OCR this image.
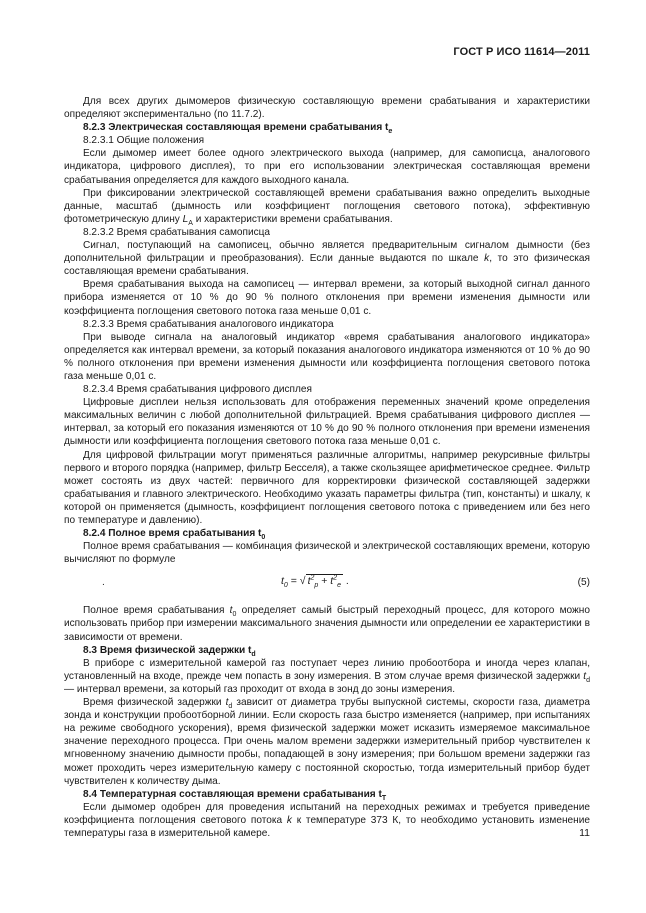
ГОСТ Р ИСО 11614—2011

Для всех других дымомеров физическую составляющую времени срабатывания и характеристики определяют экспериментально (по 11.7.2).

8.2.3 Электрическая составляющая времени срабатывания $t_e$

8.2.3.1 Общие положения

Если дымомер имеет более одного электрического выхода (например, для самописца, аналогового индикатора, цифрового дисплея), то при его использовании электрическая составляющая времени срабатывания определяется для каждого выходного канала.

При фиксировании электрической составляющей времени срабатывания важно определить выходные данные, масштаб (дымность или коэффициент поглощения светового потока), эффективную фотометрическую длину $L_A$ и характеристики времени срабатывания.

8.2.3.2 Время срабатывания самописца

Сигнал, поступающий на самописец, обычно является предварительным сигналом дымности (без дополнительной фильтрации и преобразования). Если данные выдаются по шкале k, то это физическая составляющая времени срабатывания.

Время срабатывания выхода на самописец — интервал времени, за который выходной сигнал данного прибора изменяется от 10 % до 90 % полного отклонения при времени изменения дымности или коэффициента поглощения светового потока газа меньше 0,01 с.

8.2.3.3 Время срабатывания аналогового индикатора

При выводе сигнала на аналоговый индикатор «время срабатывания аналогового индикатора» определяется как интервал времени, за который показания аналогового индикатора изменяются от 10 % до 90 % полного отклонения при времени изменения дымности или коэффициента поглощения светового потока газа меньше 0,01 с.

8.2.3.4 Время срабатывания цифрового дисплея

Цифровые дисплеи нельзя использовать для отображения переменных значений кроме определения максимальных величин с любой дополнительной фильтрацией. Время срабатывания цифрового дисплея — интервал, за который его показания изменяются от 10 % до 90 % полного отклонения при времени изменения дымности или коэффициента поглощения светового потока газа меньше 0,01 с.

Для цифровой фильтрации могут применяться различные алгоритмы, например рекурсивные фильтры первого и второго порядка (например, фильтр Бесселя), а также скользящее арифметическое среднее. Фильтр может состоять из двух частей: первичного для корректировки физической составляющей задержки срабатывания и главного электрического. Необходимо указать параметры фильтра (тип, константы) и шкалу, к которой он применяется (дымность, коэффициент поглощения светового потока с приведением или без него по температуре и давлению).

8.2.4 Полное время срабатывания $t_0$

Полное время срабатывания — комбинация физической и электрической составляющих времени, которую вычисляют по формуле

.	$t_0$ = √ $t^2_p + t^2_e$ .	(5)

Полное время срабатывания $t_0$ определяет самый быстрый переходный процесс, для которого можно использовать прибор при измерении максимального значения дымности или определении ее характеристики в зависимости от времени.

8.3 Время физической задержки $t_d$

В приборе с измерительной камерой газ поступает через линию пробоотбора и иногда через клапан, установленный на входе, прежде чем попасть в зону измерения. В этом случае время физической задержки $t_d$ — интервал времени, за который газ проходит от входа в зонд до зоны измерения.

Время физической задержки $t_d$ зависит от диаметра трубы выпускной системы, скорости газа, диаметра зонда и конструкции пробоотборной линии. Если скорость газа быстро изменяется (например, при испытаниях на режиме свободного ускорения), время физической задержки может исказить измеряемое максимальное значение переходного процесса. При очень малом времени задержки измерительный прибор чувствителен к мгновенному значению дымности пробы, попадающей в зону измерения; при большом времени задержки газ может проходить через измерительную камеру с постоянной скоростью, тогда измерительный прибор будет чувствителен к количеству дыма.

8.4 Температурная составляющая времени срабатывания $t_T$

Если дымомер одобрен для проведения испытаний на переходных режимах и требуется приведение коэффициента поглощения светового потока k к температуре 373 К, то необходимо установить изменение температуры газа в измерительной камере.	11
